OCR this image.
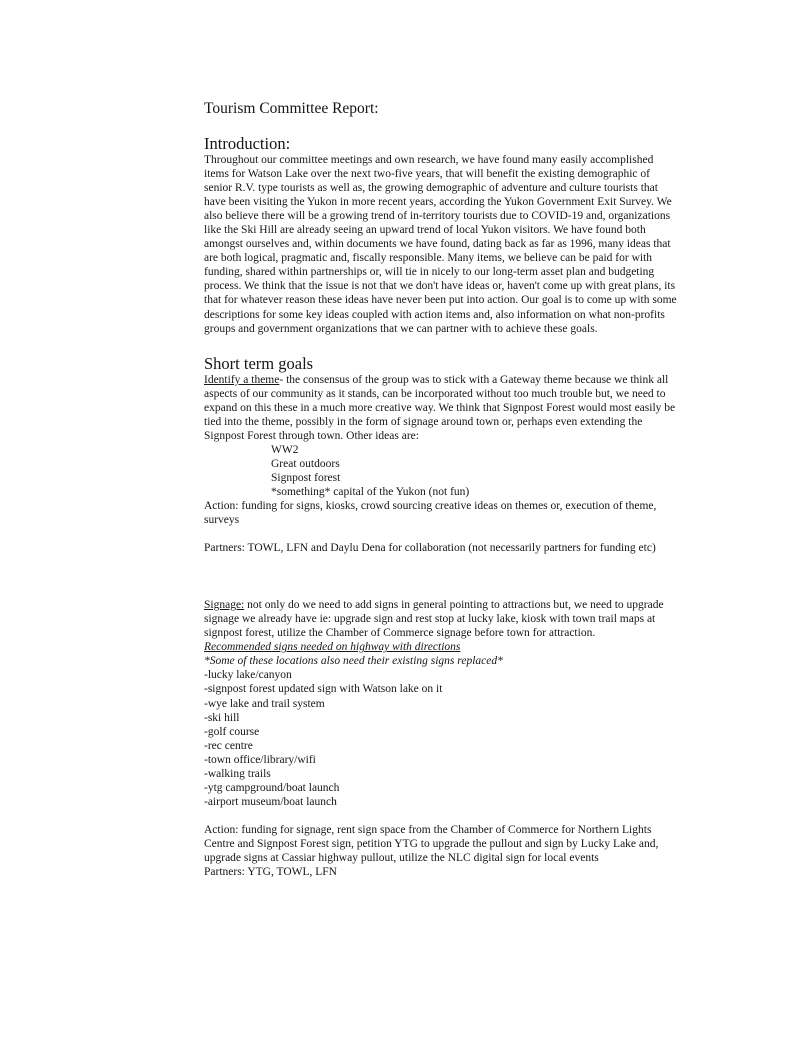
Tourism Committee Report:

Introduction:

Throughout our committee meetings and own research, we have found many easily accomplished items for Watson Lake over the next two-five years, that will benefit the existing demographic of senior R.V. type tourists as well as, the growing demographic of adventure and culture tourists that have been visiting the Yukon in more recent years, according the Yukon Government Exit Survey. We also believe there will be a growing trend of in-territory tourists due to COVID-19 and, organizations like the Ski Hill are already seeing an upward trend of local Yukon visitors. We have found both amongst ourselves and, within documents we have found, dating back as far as 1996, many ideas that are both logical, pragmatic and, fiscally responsible. Many items, we believe can be paid for with funding, shared within partnerships or, will tie in nicely to our long-term asset plan and budgeting process. We think that the issue is not that we don't have ideas or, haven't come up with great plans, its that for whatever reason these ideas have never been put into action. Our goal is to come up with some descriptions for some key ideas coupled with action items and, also information on what non-profits groups and government organizations that we can partner with to achieve these goals.

Short term goals

Identify a theme- the consensus of the group was to stick with a Gateway theme because we think all aspects of our community as it stands, can be incorporated without too much trouble but, we need to expand on this these in a much more creative way. We think that Signpost Forest would most easily be tied into the theme, possibly in the form of signage around town or, perhaps even extending the Signpost Forest through town. Other ideas are:

WW2
Great outdoors
Signpost forest
*something* capital of the Yukon (not fun)

Action: funding for signs, kiosks, crowd sourcing creative ideas on themes or, execution of theme, surveys

Partners: TOWL, LFN and Daylu Dena for collaboration (not necessarily partners for funding etc)

Signage: not only do we need to add signs in general pointing to attractions but, we need to upgrade signage we already have ie: upgrade sign and rest stop at lucky lake, kiosk with town trail maps at signpost forest, utilize the Chamber of Commerce signage before town for attraction.

Recommended signs needed on highway with directions

*Some of these locations also need their existing signs replaced*

-lucky lake/canyon
-signpost forest updated sign with Watson lake on it
-wye lake and trail system
-ski hill
-golf course
-rec centre
-town office/library/wifi
-walking trails
-ytg campground/boat launch
-airport museum/boat launch

Action: funding for signage, rent sign space from the Chamber of Commerce for Northern Lights Centre and Signpost Forest sign, petition YTG to upgrade the pullout and sign by Lucky Lake and, upgrade signs at Cassiar highway pullout, utilize the NLC digital sign for local events

Partners: YTG, TOWL, LFN
